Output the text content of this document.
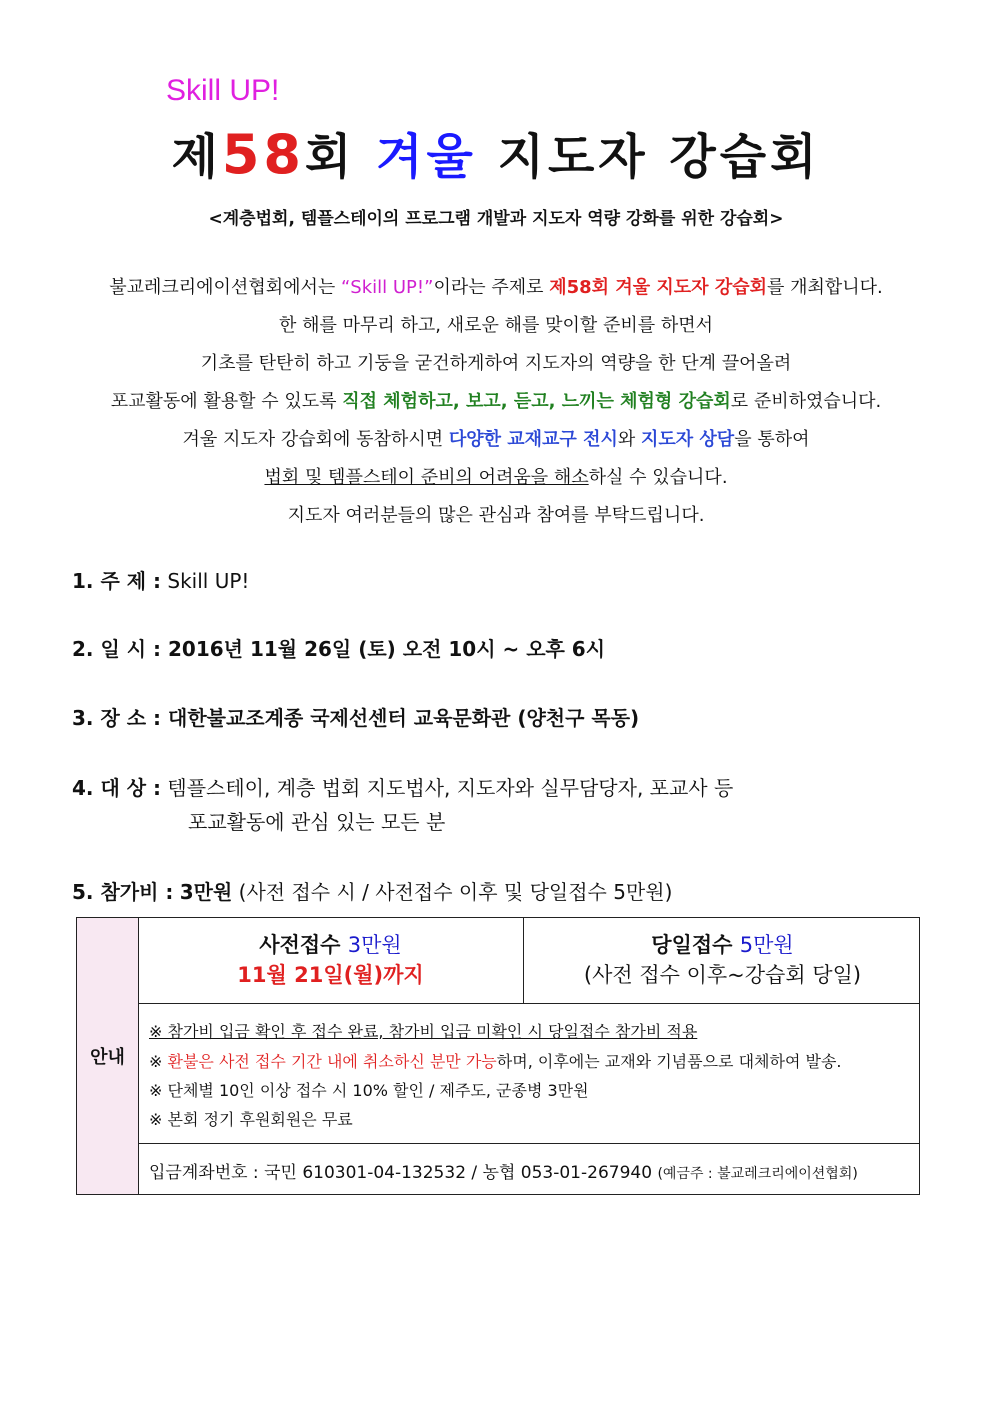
Skill UP!
제58회 겨울 지도자 강습회
<계층법회, 템플스테이의 프로그램 개발과 지도자 역량 강화를 위한 강습회>
불교레크리에이션협회에서는 “Skill UP!”이라는 주제로 제58회 겨울 지도자 강습회를 개최합니다.
한 해를 마무리 하고, 새로운 해를 맞이할 준비를 하면서
기초를 탄탄히 하고 기둥을 굳건하게하여 지도자의 역량을 한 단계 끌어올려
포교활동에 활용할 수 있도록 직접 체험하고, 보고, 듣고, 느끼는 체험형 강습회로 준비하였습니다.
겨울 지도자 강습회에 동참하시면 다양한 교재교구 전시와 지도자 상담을 통하여
법회 및 템플스테이 준비의 어려움을 해소하실 수 있습니다.
지도자 여러분들의 많은 관심과 참여를 부탁드립니다.
1. 주 제 : Skill UP!
2. 일 시 : 2016년 11월 26일 (토) 오전 10시 ~ 오후 6시
3. 장 소 : 대한불교조계종 국제선센터 교육문화관 (양천구 목동)
4. 대 상 : 템플스테이, 계층 법회 지도법사, 지도자와 실무담당자, 포교사 등
포교활동에 관심 있는 모든 분
5. 참가비 : 3만원 (사전 접수 시 / 사전접수 이후 및 당일접수 5만원)
안내
사전접수 3만원
11월 21일(월)까지
당일접수 5만원
(사전 접수 이후~강습회 당일)
※ 참가비 입금 확인 후 접수 완료, 참가비 입금 미확인 시 당일접수 참가비 적용
※ 환불은 사전 접수 기간 내에 취소하신 분만 가능하며, 이후에는 교재와 기념품으로 대체하여 발송.
※ 단체별 10인 이상 접수 시 10% 할인 / 제주도, 군종병 3만원
※ 본회 정기 후원회원은 무료
입금계좌번호 : 국민 610301-04-132532 / 농협 053-01-267940 (예금주 : 불교레크리에이션협회)
